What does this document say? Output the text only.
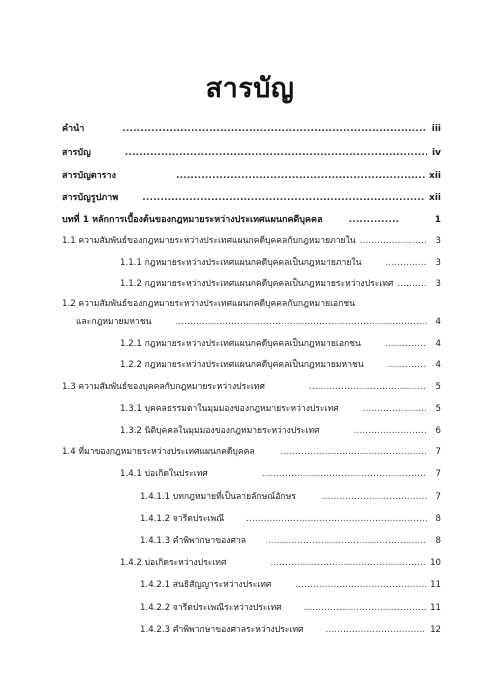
สารบัญ
คำนำ .....	iii
สารบัญ .....	iv
สารบัญตาราง .....	xii
สารบัญรูปภาพ .....	xii
บทที่ 1 หลักการเบื้องต้นของกฎหมายระหว่างประเทศแผนกคดีบุคคล .....	1
1.1 ความสัมพันธ์ของกฎหมายระหว่างประเทศแผนกคดีบุคคลกับกฎหมายภายใน .....	3
1.1.1 กฎหมายระหว่างประเทศแผนกคดีบุคคลเป็นกฎหมายภายใน .....	3
1.1.2 กฎหมายระหว่างประเทศแผนกคดีบุคคลเป็นกฎหมายระหว่างประเทศ .....	3
1.2 ความสัมพันธ์ของกฎหมายระหว่างประเทศแผนกคดีบุคคลกับกฎหมายเอกชน
และกฎหมายมหาชน .....	4
1.2.1 กฎหมายระหว่างประเทศแผนกคดีบุคคลเป็นกฎหมายเอกชน .....	4
1.2.2 กฎหมายระหว่างประเทศแผนกคดีบุคคลเป็นกฎหมายมหาชน .....	4
1.3 ความสัมพันธ์ของบุคคลกับกฎหมายระหว่างประเทศ .....	5
1.3.1 บุคคลธรรมดาในมุมมองของกฎหมายระหว่างประเทศ .....	5
1.3.2 นิติบุคคลในมุมมองของกฎหมายระหว่างประเทศ .....	6
1.4 ที่มาของกฎหมายระหว่างประเทศแผนกคดีบุคคล .....	7
1.4.1 บ่อเกิดในประเทศ .....	7
1.4.1.1 บทกฎหมายที่เป็นลายลักษณ์อักษร .....	7
1.4.1.2 จารีตประเพณี .....	8
1.4.1.3 คำพิพากษาของศาล .....	8
1.4.2 บ่อเกิดระหว่างประเทศ .....	10
1.4.2.1 สนธิสัญญาระหว่างประเทศ .....	11
1.4.2.2 จารีตประเพณีระหว่างประเทศ .....	11
1.4.2.3 คำพิพากษาของศาลระหว่างประเทศ .....	12
